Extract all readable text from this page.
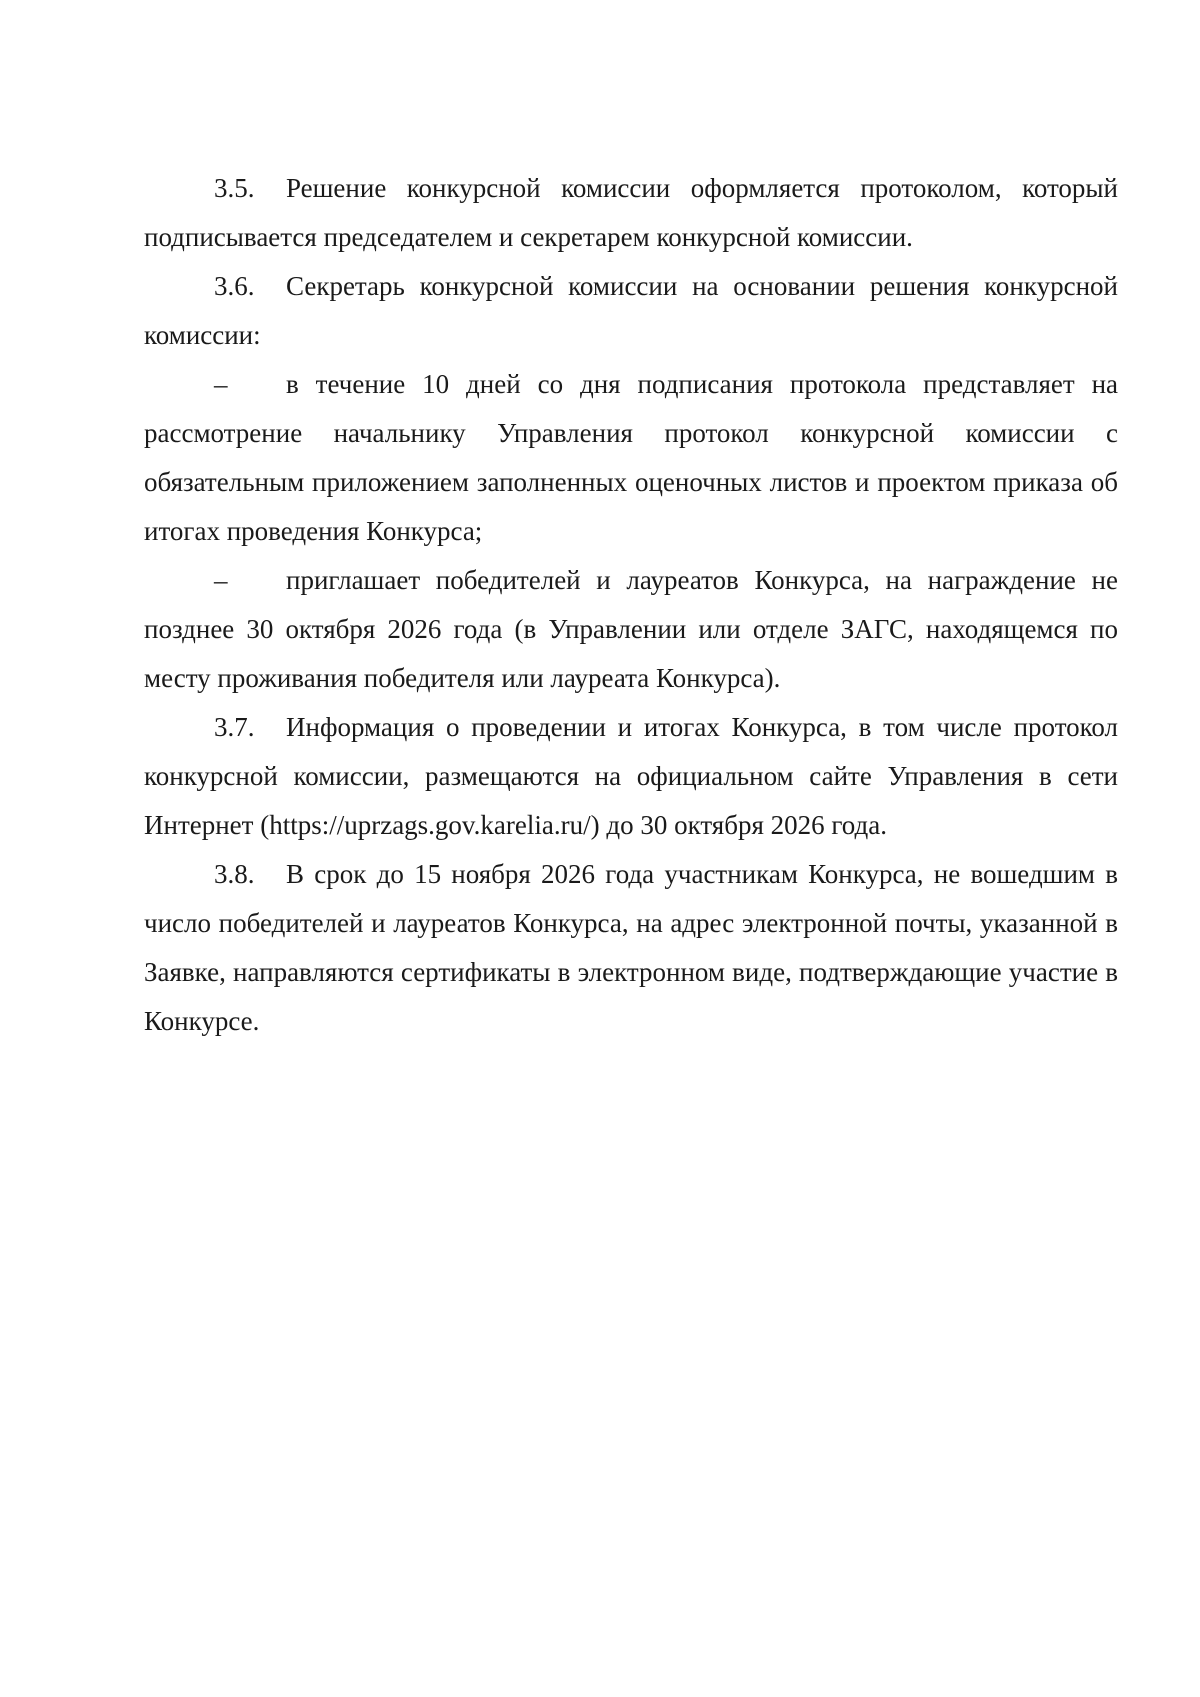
3.5. Решение конкурсной комиссии оформляется протоколом, который подписывается председателем и секретарем конкурсной комиссии.

3.6. Секретарь конкурсной комиссии на основании решения конкурсной комиссии:

– в течение 10 дней со дня подписания протокола представляет на рассмотрение начальнику Управления протокол конкурсной комиссии с обязательным приложением заполненных оценочных листов и проектом приказа об итогах проведения Конкурса;

– приглашает победителей и лауреатов Конкурса, на награждение не позднее 30 октября 2026 года (в Управлении или отделе ЗАГС, находящемся по месту проживания победителя или лауреата Конкурса).

3.7. Информация о проведении и итогах Конкурса, в том числе протокол конкурсной комиссии, размещаются на официальном сайте Управления в сети Интернет (https://uprzags.gov.karelia.ru/) до 30 октября 2026 года.

3.8. В срок до 15 ноября 2026 года участникам Конкурса, не вошедшим в число победителей и лауреатов Конкурса, на адрес электронной почты, указанной в Заявке, направляются сертификаты в электронном виде, подтверждающие участие в Конкурсе.
